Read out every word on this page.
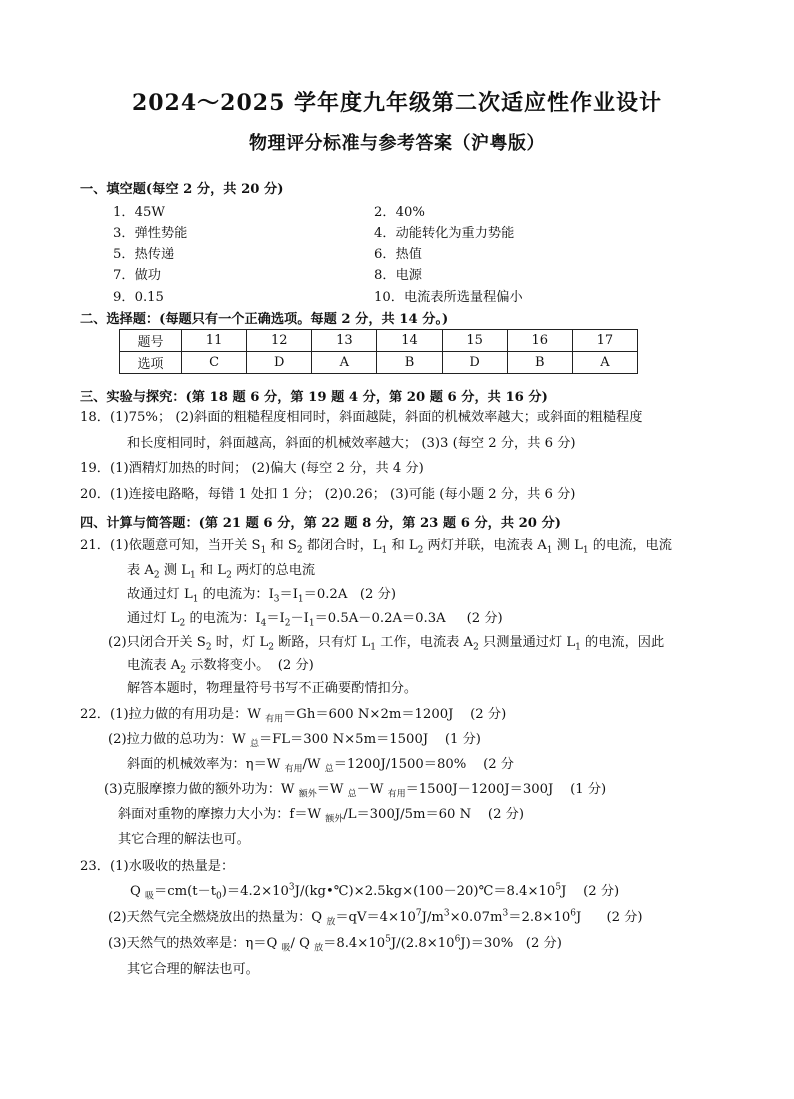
2024～2025 学年度九年级第二次适应性作业设计
物理评分标准与参考答案（沪粤版）
一、填空题(每空 2 分，共 20 分)
1．45W	2．40%
3．弹性势能	4．动能转化为重力势能
5．热传递	6．热值
7．做功	8．电源
9．0.15	10．电流表所选量程偏小
二、选择题：(每题只有一个正确选项。每题 2 分，共 14 分。)
题号	11	12	13	14	15	16	17
选项	C	D	A	B	D	B	A
三、实验与探究：(第 18 题 6 分，第 19 题 4 分，第 20 题 6 分，共 16 分)
18．(1)75%； (2)斜面的粗糙程度相同时，斜面越陡，斜面的机械效率越大；或斜面的粗糙程度
和长度相同时，斜面越高，斜面的机械效率越大； (3)3 (每空 2 分，共 6 分)
19．(1)酒精灯加热的时间； (2)偏大 (每空 2 分，共 4 分)
20．(1)连接电路略，每错 1 处扣 1 分； (2)0.26； (3)可能 (每小题 2 分，共 6 分)
四、计算与简答题：(第 21 题 6 分，第 22 题 8 分，第 23 题 6 分，共 20 分)
21．(1)依题意可知，当开关 $S_1$ 和 $S_2$ 都闭合时，$L_1$ 和 $L_2$ 两灯并联，电流表 $A_1$ 测 $L_1$ 的电流，电流
表 $A_2$ 测 $L_1$ 和 $L_2$ 两灯的总电流
故通过灯 $L_1$ 的电流为：$I_3=I_1=0.2A$   (2 分)
通过灯 $L_2$ 的电流为：$I_4=I_2-I_1=0.5A-0.2A=0.3A$     (2 分)
(2)只闭合开关 $S_2$ 时，灯 $L_2$ 断路，只有灯 $L_1$ 工作，电流表 $A_2$ 只测量通过灯 $L_1$ 的电流，因此
电流表 $A_2$ 示数将变小。  (2 分)
解答本题时，物理量符号书写不正确要酌情扣分。
22．(1)拉力做的有用功是：W $_{有用}$＝Gh＝600 N×2m＝1200J    (2 分)
(2)拉力做的总功为：W $_总$＝FL＝300 N×5m＝1500J    (1 分)
斜面的机械效率为：η＝W $_{有用}$/W $_总$＝1200J/1500＝80%    (2 分
(3)克服摩擦力做的额外功为：W $_{额外}$＝W $_总$－W $_{有用}$＝1500J－1200J＝300J    (1 分)
斜面对重物的摩擦力大小为：f＝W $_{额外}$/L＝300J/5m＝60 N    (2 分)
其它合理的解法也可。
23．(1)水吸收的热量是：
Q $_吸=cm(t-t_0)=4.2\times 10^3J/(kg•℃)\times 2.5kg\times(100-20)℃=8.4\times 10^5J$    (2 分)
(2)天然气完全燃烧放出的热量为：Q $_放=qV=4\times 10^7J/m^3\times 0.07m^3=2.8\times 10^6J$      (2 分)
(3)天然气的热效率是：η＝Q $_吸$/ Q $_放=8.4\times 10^5J/(2.8\times 10^6J)=30\%$   (2 分)
其它合理的解法也可。
